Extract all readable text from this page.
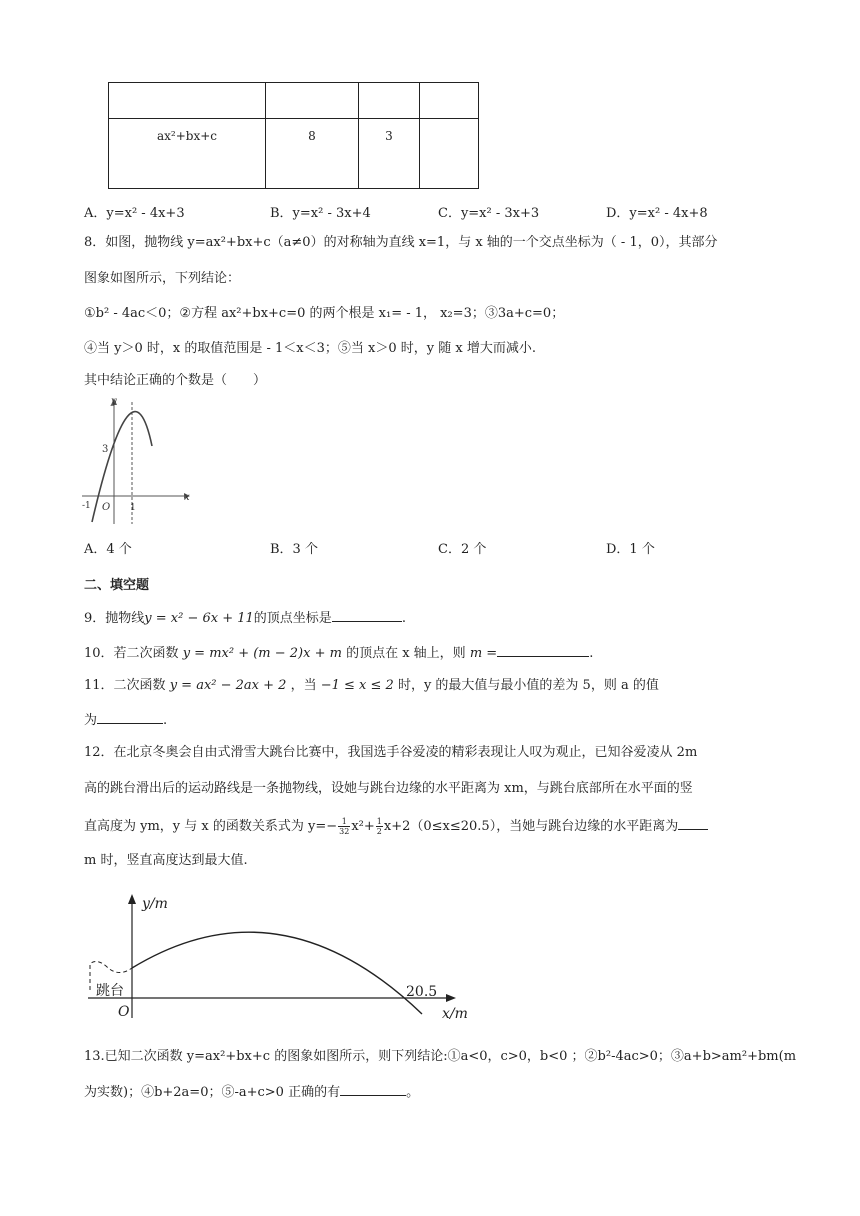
ax²+bx+c	8	3	
A．y=x² - 4x+3	B．y=x² - 3x+4	C．y=x² - 3x+3	D．y=x² - 4x+8
8．如图，抛物线 y=ax²+bx+c（a≠0）的对称轴为直线 x=1，与 x 轴的一个交点坐标为（ - 1，0），其部分
图象如图所示，下列结论：
①b² - 4ac＜0；②方程 ax²+bx+c=0 的两个根是 x₁= - 1， x₂=3；③3a+c=0；
④当 y＞0 时，x 的取值范围是 - 1＜x＜3；⑤当 x＞0 时，y 随 x 增大而减小.
其中结论正确的个数是（　　）
y
x
3
-1 O 1
A．4 个	B．3 个	C．2 个	D．1 个
二、填空题
9．抛物线y = x² − 6x + 11的顶点坐标是	.
10．若二次函数 y = mx² + (m − 2)x + m 的顶点在 x 轴上，则 m =	.
11．二次函数 y = ax² − 2ax + 2 ，当 −1 ≤ x ≤ 2 时，y 的最大值与最小值的差为 5，则 a 的值
为	.
12．在北京冬奥会自由式滑雪大跳台比赛中，我国选手谷爱凌的精彩表现让人叹为观止，已知谷爱凌从 2m
高的跳台滑出后的运动路线是一条抛物线，设她与跳台边缘的水平距离为 xm，与跳台底部所在水平面的竖
直高度为 ym，y 与 x 的函数关系式为 $y=- \frac{1}{32} x^2+ \frac{1}{2} x+2(0\le x\le 20.5)$，当她与跳台边缘的水平距离为
m 时，竖直高度达到最大值.
y/m
x/m
跳台
O
20.5
13.已知二次函数 y=ax²+bx+c 的图象如图所示，则下列结论:①a<0，c>0，b<0 ；②b²-4ac>0；③a+b>am²+bm(m
为实数)；④b+2a=0；⑤-a+c>0 正确的有	。
